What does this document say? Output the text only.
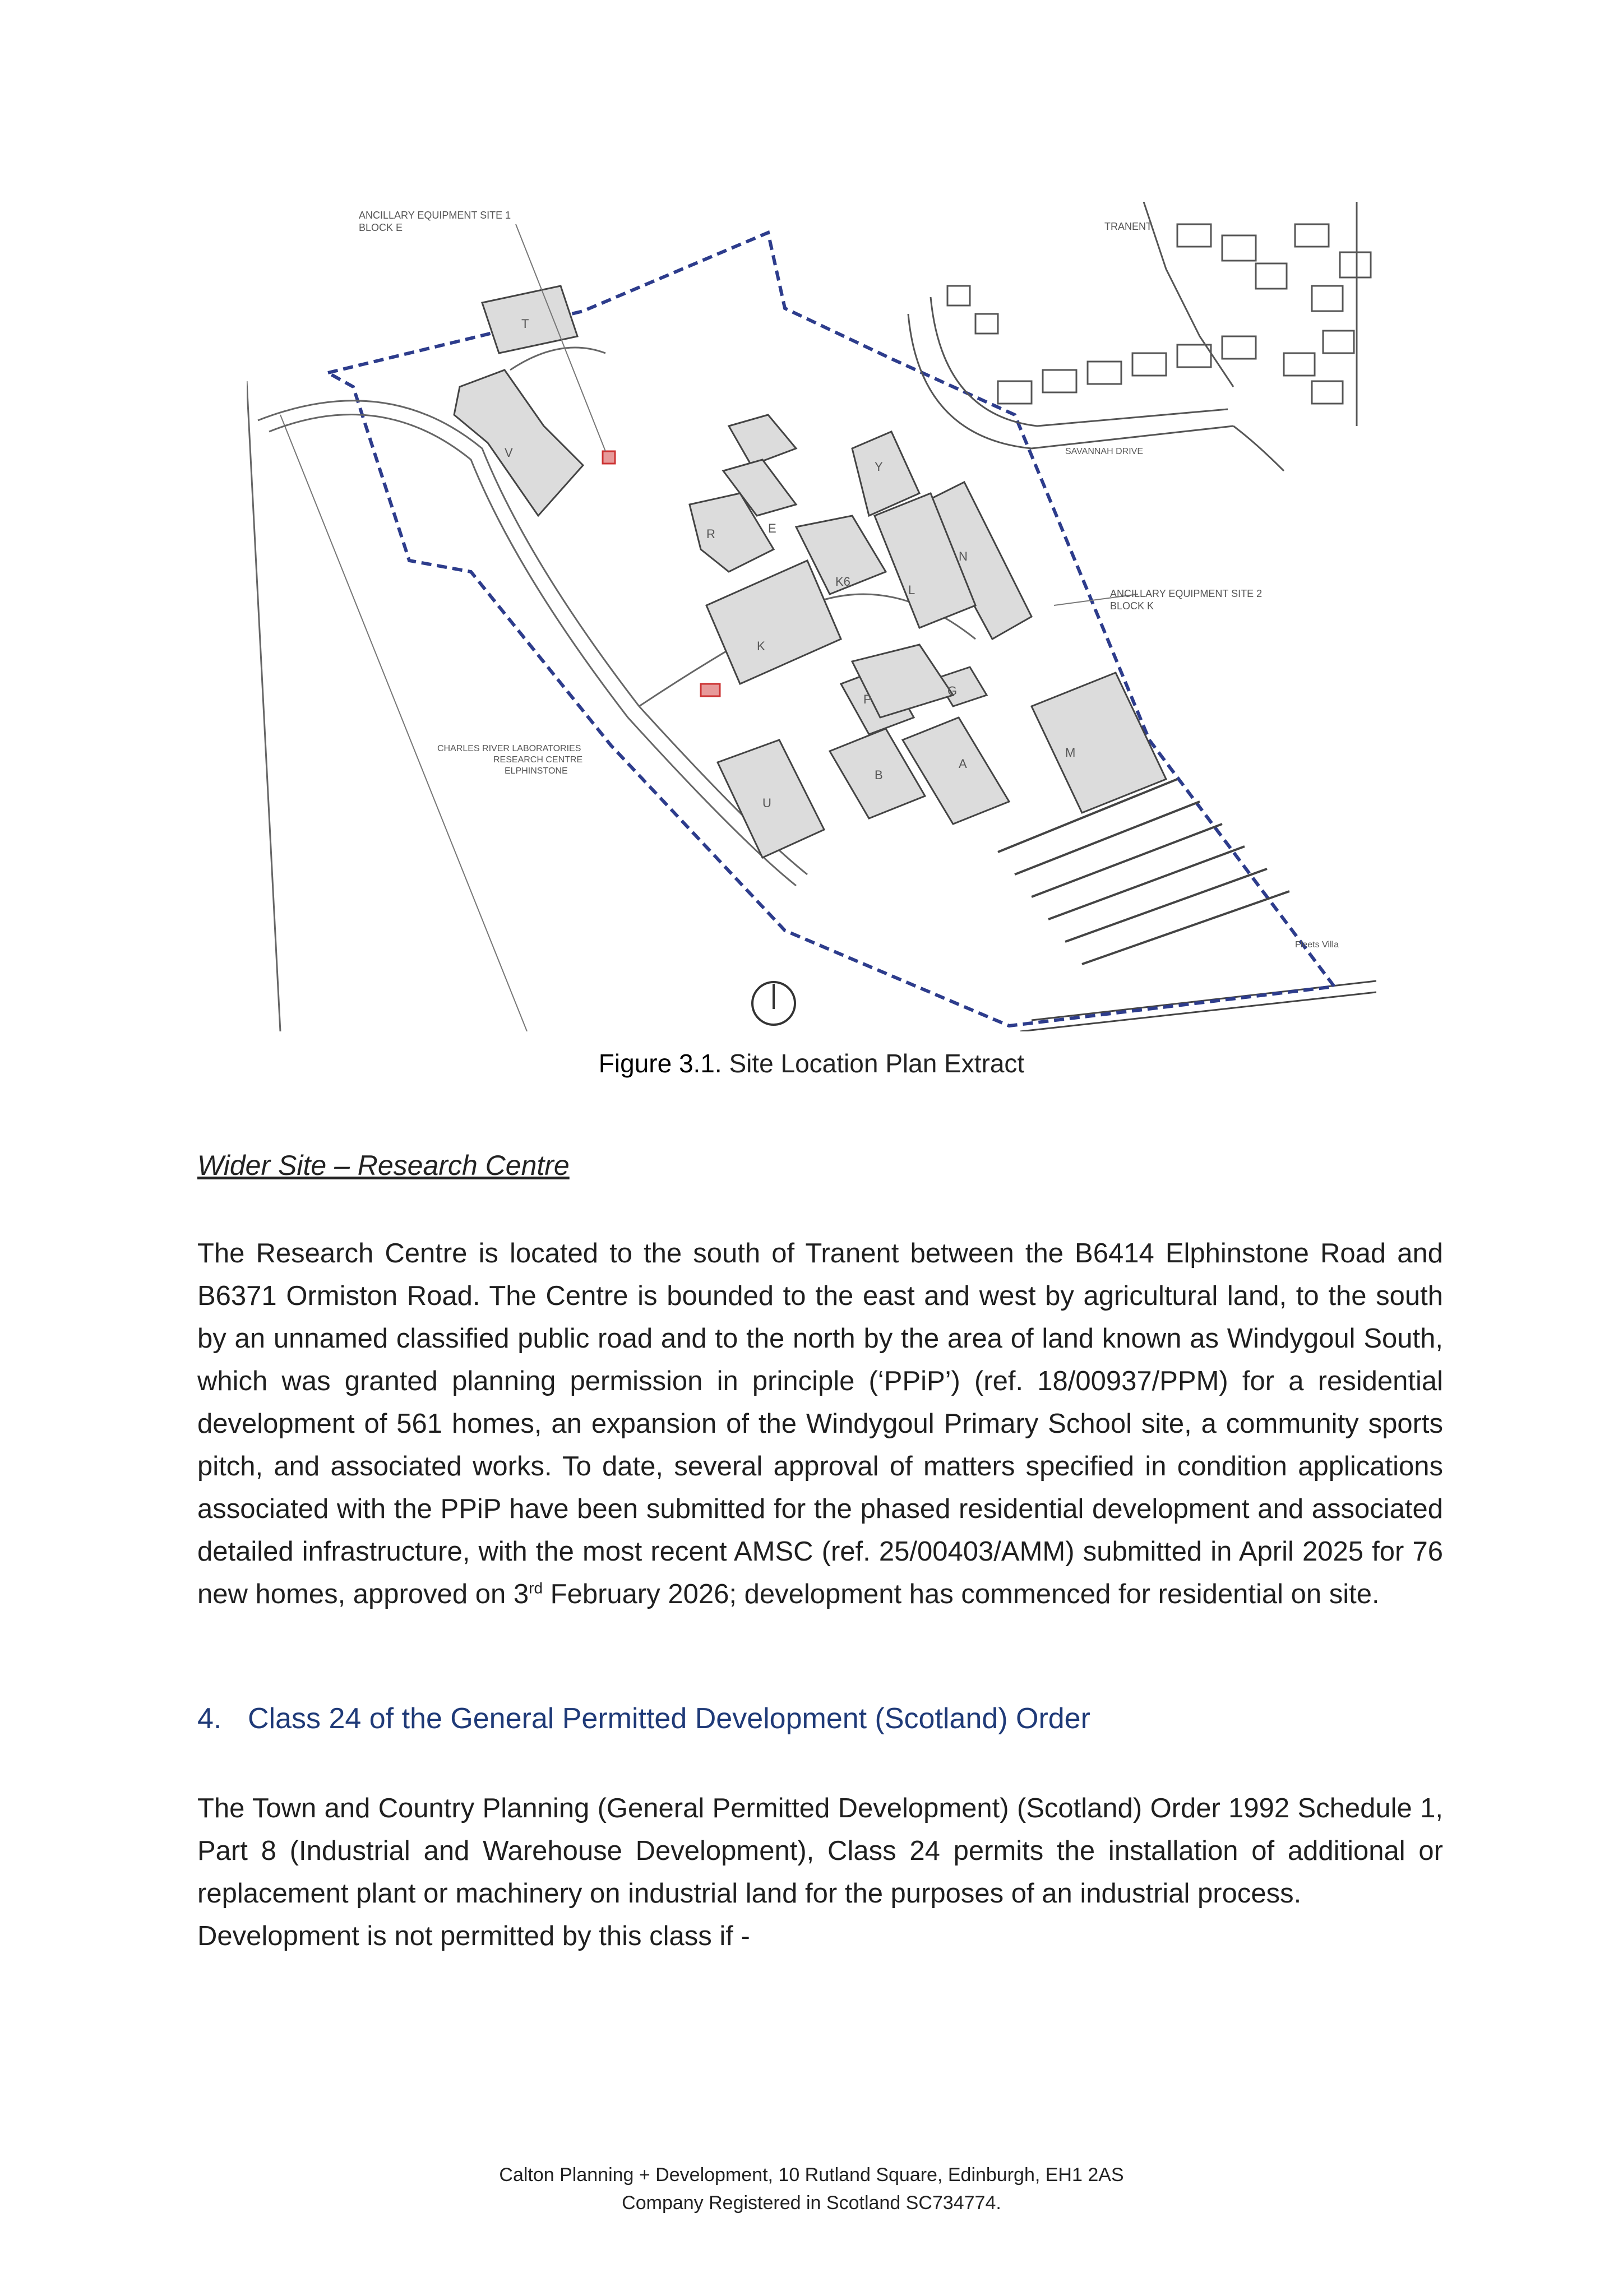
ANCILLARY EQUIPMENT SITE 1
BLOCK E
ANCILLARY EQUIPMENT SITE 2
BLOCK K
TRANENT
SAVANNAH DRIVE
CHARLES RIVER LABORATORIES
RESEARCH CENTRE
ELPHINSTONE
Fleets Villa
T
V
E
Y
N
R
K6
L
K
P
G
M
U
B
A
Figure 3.1. Site Location Plan Extract
Wider Site – Research Centre
The Research Centre is located to the south of Tranent between the B6414 Elphinstone Road and B6371 Ormiston Road. The Centre is bounded to the east and west by agricultural land, to the south by an unnamed classified public road and to the north by the area of land known as Windygoul South, which was granted planning permission in principle (‘PPiP’) (ref. 18/00937/PPM) for a residential development of 561 homes, an expansion of the Windygoul Primary School site, a community sports pitch, and associated works. To date, several approval of matters specified in condition applications associated with the PPiP have been submitted for the phased residential development and associated detailed infrastructure, with the most recent AMSC (ref. 25/00403/AMM) submitted in April 2025 for 76 new homes, approved on 3rd February 2026; development has commenced for residential on site.
4. Class 24 of the General Permitted Development (Scotland) Order
The Town and Country Planning (General Permitted Development) (Scotland) Order 1992 Schedule 1, Part 8 (Industrial and Warehouse Development), Class 24 permits the installation of additional or replacement plant or machinery on industrial land for the purposes of an industrial process.
Development is not permitted by this class if -
Calton Planning + Development, 10 Rutland Square, Edinburgh, EH1 2AS
Company Registered in Scotland SC734774.
